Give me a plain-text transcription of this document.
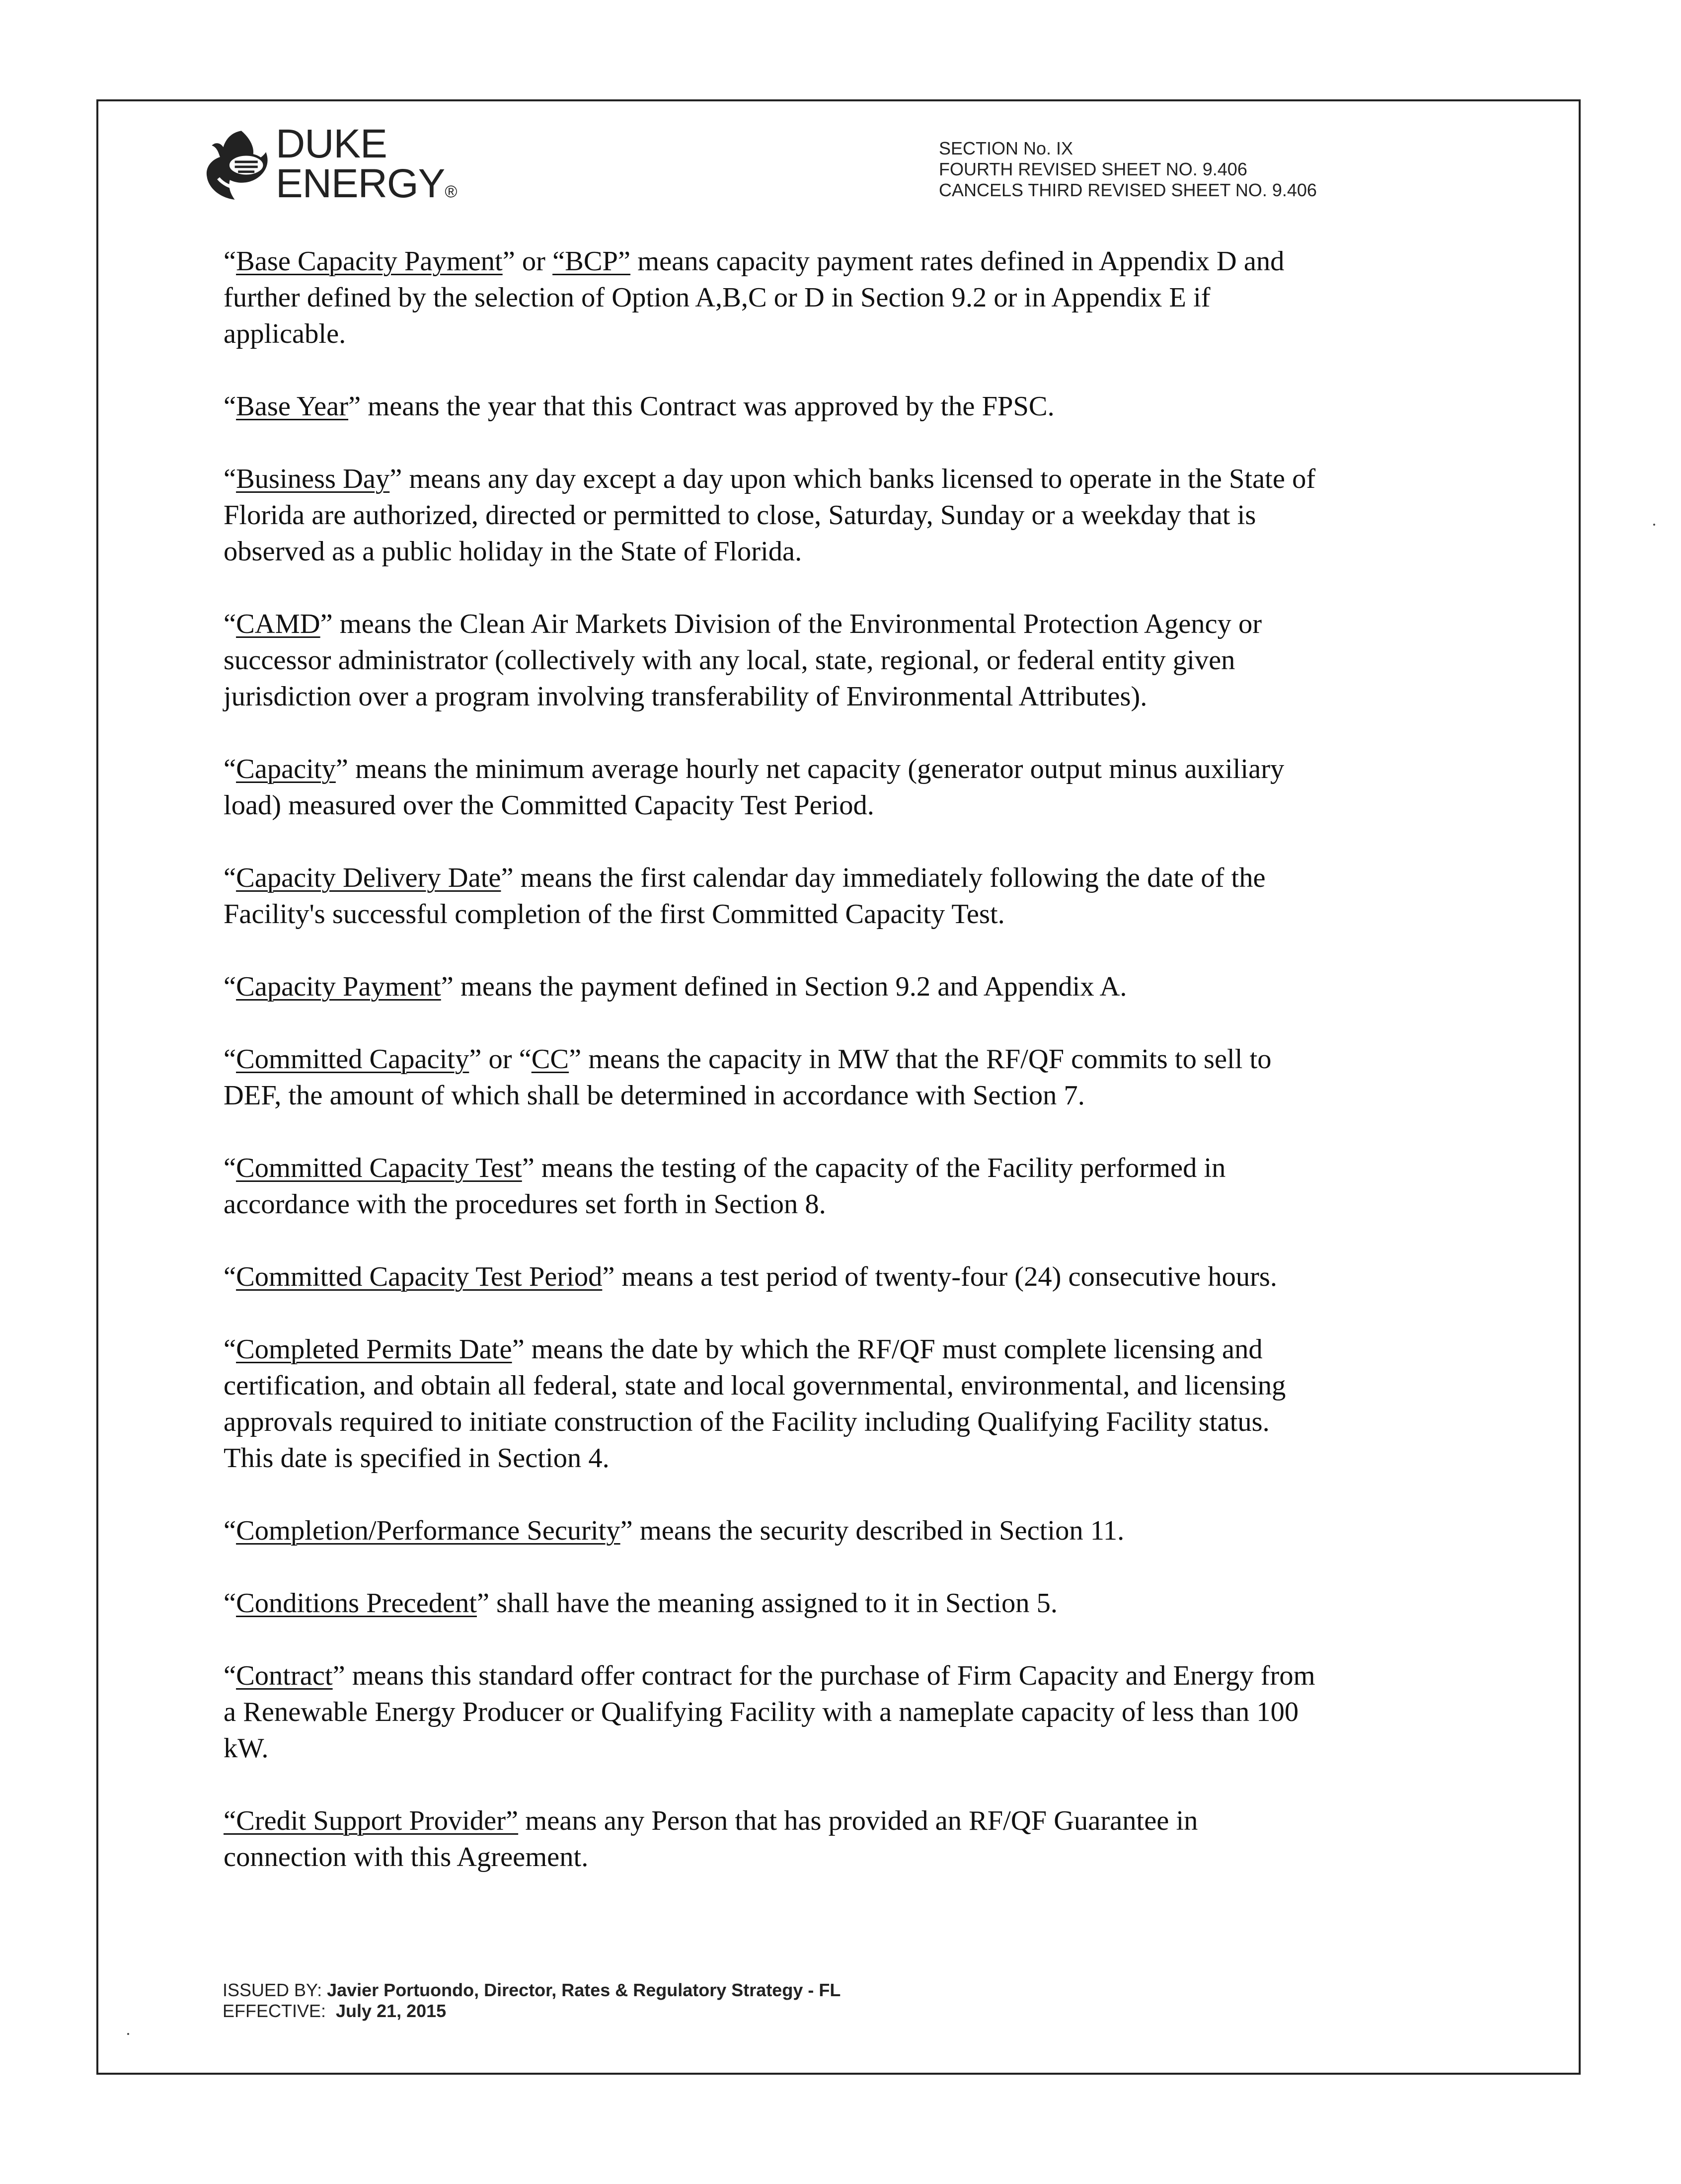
DUKE
ENERGY®
SECTION No. IX
FOURTH REVISED SHEET NO. 9.406
CANCELS THIRD REVISED SHEET NO. 9.406

“Base Capacity Payment” or “BCP” means capacity payment rates defined in Appendix D and
further defined by the selection of Option A,B,C or D in Section 9.2 or in Appendix E if
applicable.

“Base Year” means the year that this Contract was approved by the FPSC.

“Business Day” means any day except a day upon which banks licensed to operate in the State of
Florida are authorized, directed or permitted to close, Saturday, Sunday or a weekday that is
observed as a public holiday in the State of Florida.

“CAMD” means the Clean Air Markets Division of the Environmental Protection Agency or
successor administrator (collectively with any local, state, regional, or federal entity given
jurisdiction over a program involving transferability of Environmental Attributes).

“Capacity” means the minimum average hourly net capacity (generator output minus auxiliary
load) measured over the Committed Capacity Test Period.

“Capacity Delivery Date” means the first calendar day immediately following the date of the
Facility's successful completion of the first Committed Capacity Test.

“Capacity Payment” means the payment defined in Section 9.2 and Appendix A.

“Committed Capacity” or “CC” means the capacity in MW that the RF/QF commits to sell to
DEF, the amount of which shall be determined in accordance with Section 7.

“Committed Capacity Test” means the testing of the capacity of the Facility performed in
accordance with the procedures set forth in Section 8.

“Committed Capacity Test Period” means a test period of twenty-four (24) consecutive hours.

“Completed Permits Date” means the date by which the RF/QF must complete licensing and
certification, and obtain all federal, state and local governmental, environmental, and licensing
approvals required to initiate construction of the Facility including Qualifying Facility status.
This date is specified in Section 4.

“Completion/Performance Security” means the security described in Section 11.

“Conditions Precedent” shall have the meaning assigned to it in Section 5.

“Contract” means this standard offer contract for the purchase of Firm Capacity and Energy from
a Renewable Energy Producer or Qualifying Facility with a nameplate capacity of less than 100
kW.

“Credit Support Provider” means any Person that has provided an RF/QF Guarantee in
connection with this Agreement.

ISSUED BY: Javier Portuondo, Director, Rates & Regulatory Strategy - FL
EFFECTIVE:  July 21, 2015
